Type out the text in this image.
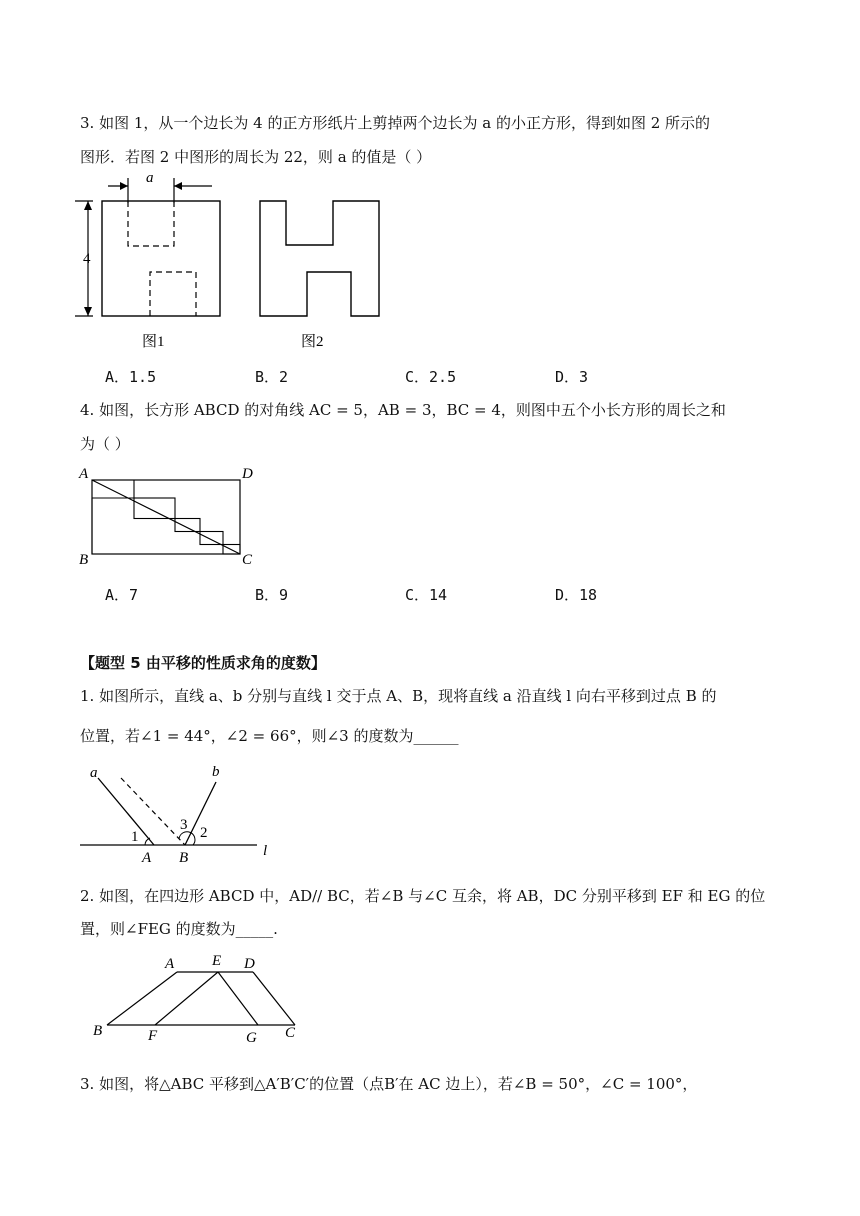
3. 如图 1，从一个边长为 4 的正方形纸片上剪掉两个边长为 a 的小正方形，得到如图 2 所示的
图形．若图 2 中图形的周长为 22，则 a 的值是（ ）
a
4
图1	图2
A．1.5	B．2	C．2.5	D．3
4. 如图，长方形 ABCD 的对角线 AC = 5，AB = 3，BC = 4，则图中五个小长方形的周长之和
为（ ）
A	D
B	C
A．7	B．9	C．14	D．18
【题型 5 由平移的性质求角的度数】
1. 如图所示，直线 a、b 分别与直线 l 交于点 A、B，现将直线 a 沿直线 l 向右平移到过点 B 的
位置，若∠1 = 44°，∠2 = 66°，则∠3 的度数为______
a	b
l
A B
1
3 2
2. 如图，在四边形 ABCD 中，AD// BC，若∠B 与∠C 互余，将 AB，DC 分别平移到 EF 和 EG 的位
置，则∠FEG 的度数为_____.
A	E D
B	F	G C
3. 如图，将△ABC 平移到△A′B′C′的位置（点B′在 AC 边上），若∠B = 50°，∠C = 100°，
